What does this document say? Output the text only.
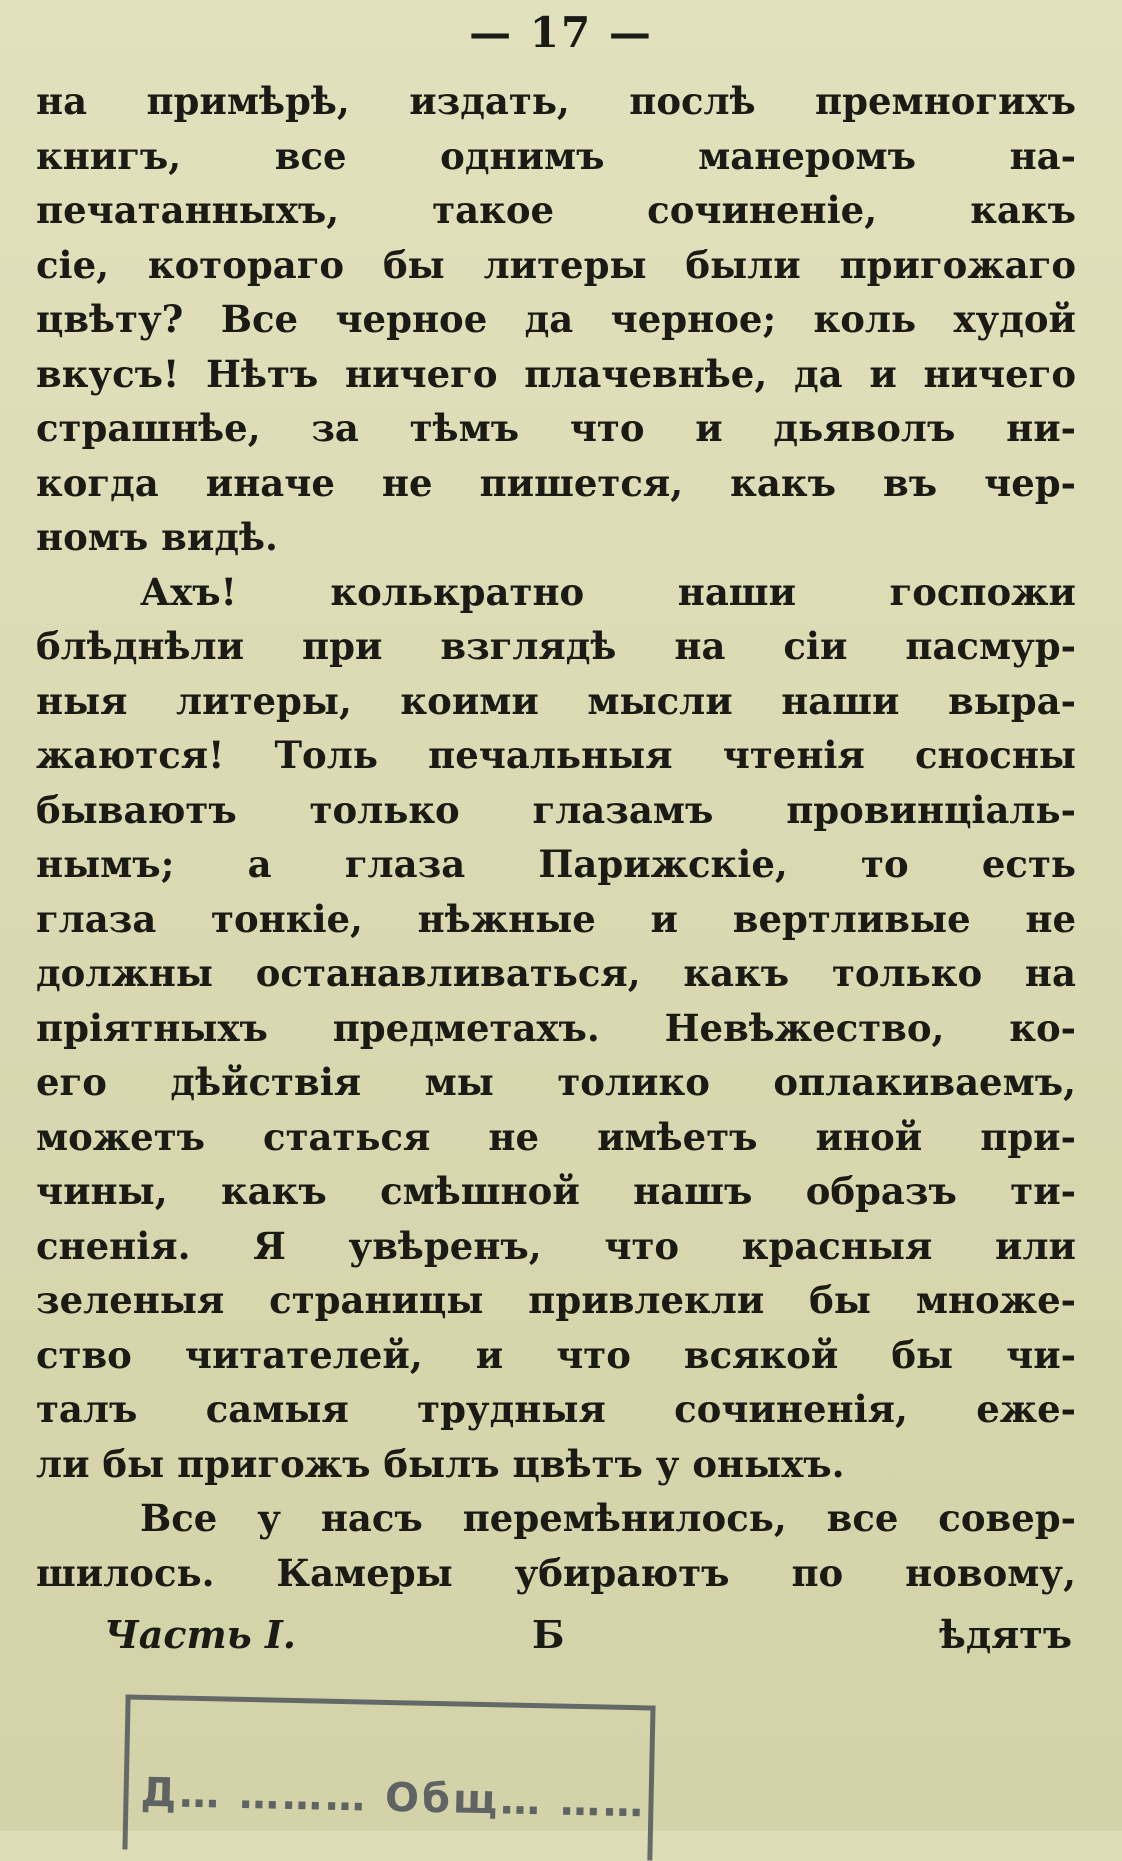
— 17 —
на примѣрѣ, издать, послѣ премногихъ
книгъ, все однимъ манеромъ на-
печатанныхъ, такое сочиненіе, какъ
сіе, котораго бы литеры были пригожаго
цвѣту? Все черное да черное; коль худой
вкусъ! Нѣтъ ничего плачевнѣе, да и ничего
страшнѣе, за тѣмъ что и дьяволъ ни-
когда иначе не пишется, какъ въ чер-
номъ видѣ.
Ахъ! колькратно наши госпожи
блѣднѣли при взглядѣ на сіи пасмур-
ныя литеры, коими мысли наши выра-
жаются! Толь печальныя чтенія сносны
бываютъ только глазамъ провинціаль-
нымъ; а глаза Парижскіе, то есть
глаза тонкіе, нѣжные и вертливые не
должны останавливаться, какъ только на
пріятныхъ предметахъ. Невѣжество, ко-
его дѣйствія мы толико оплакиваемъ,
можетъ статься не имѣетъ иной при-
чины, какъ смѣшной нашъ образъ ти-
сненія. Я увѣренъ, что красныя или
зеленыя страницы привлекли бы множе-
ство читателей, и что всякой бы чи-
талъ самыя трудныя сочиненія, еже-
ли бы пригожъ былъ цвѣтъ у оныхъ.
Все у насъ перемѣнилось, все совер-
шилось. Камеры убираютъ по новому,
Часть I.	Б	ѣдятъ
Д… ……… Общ… ……
